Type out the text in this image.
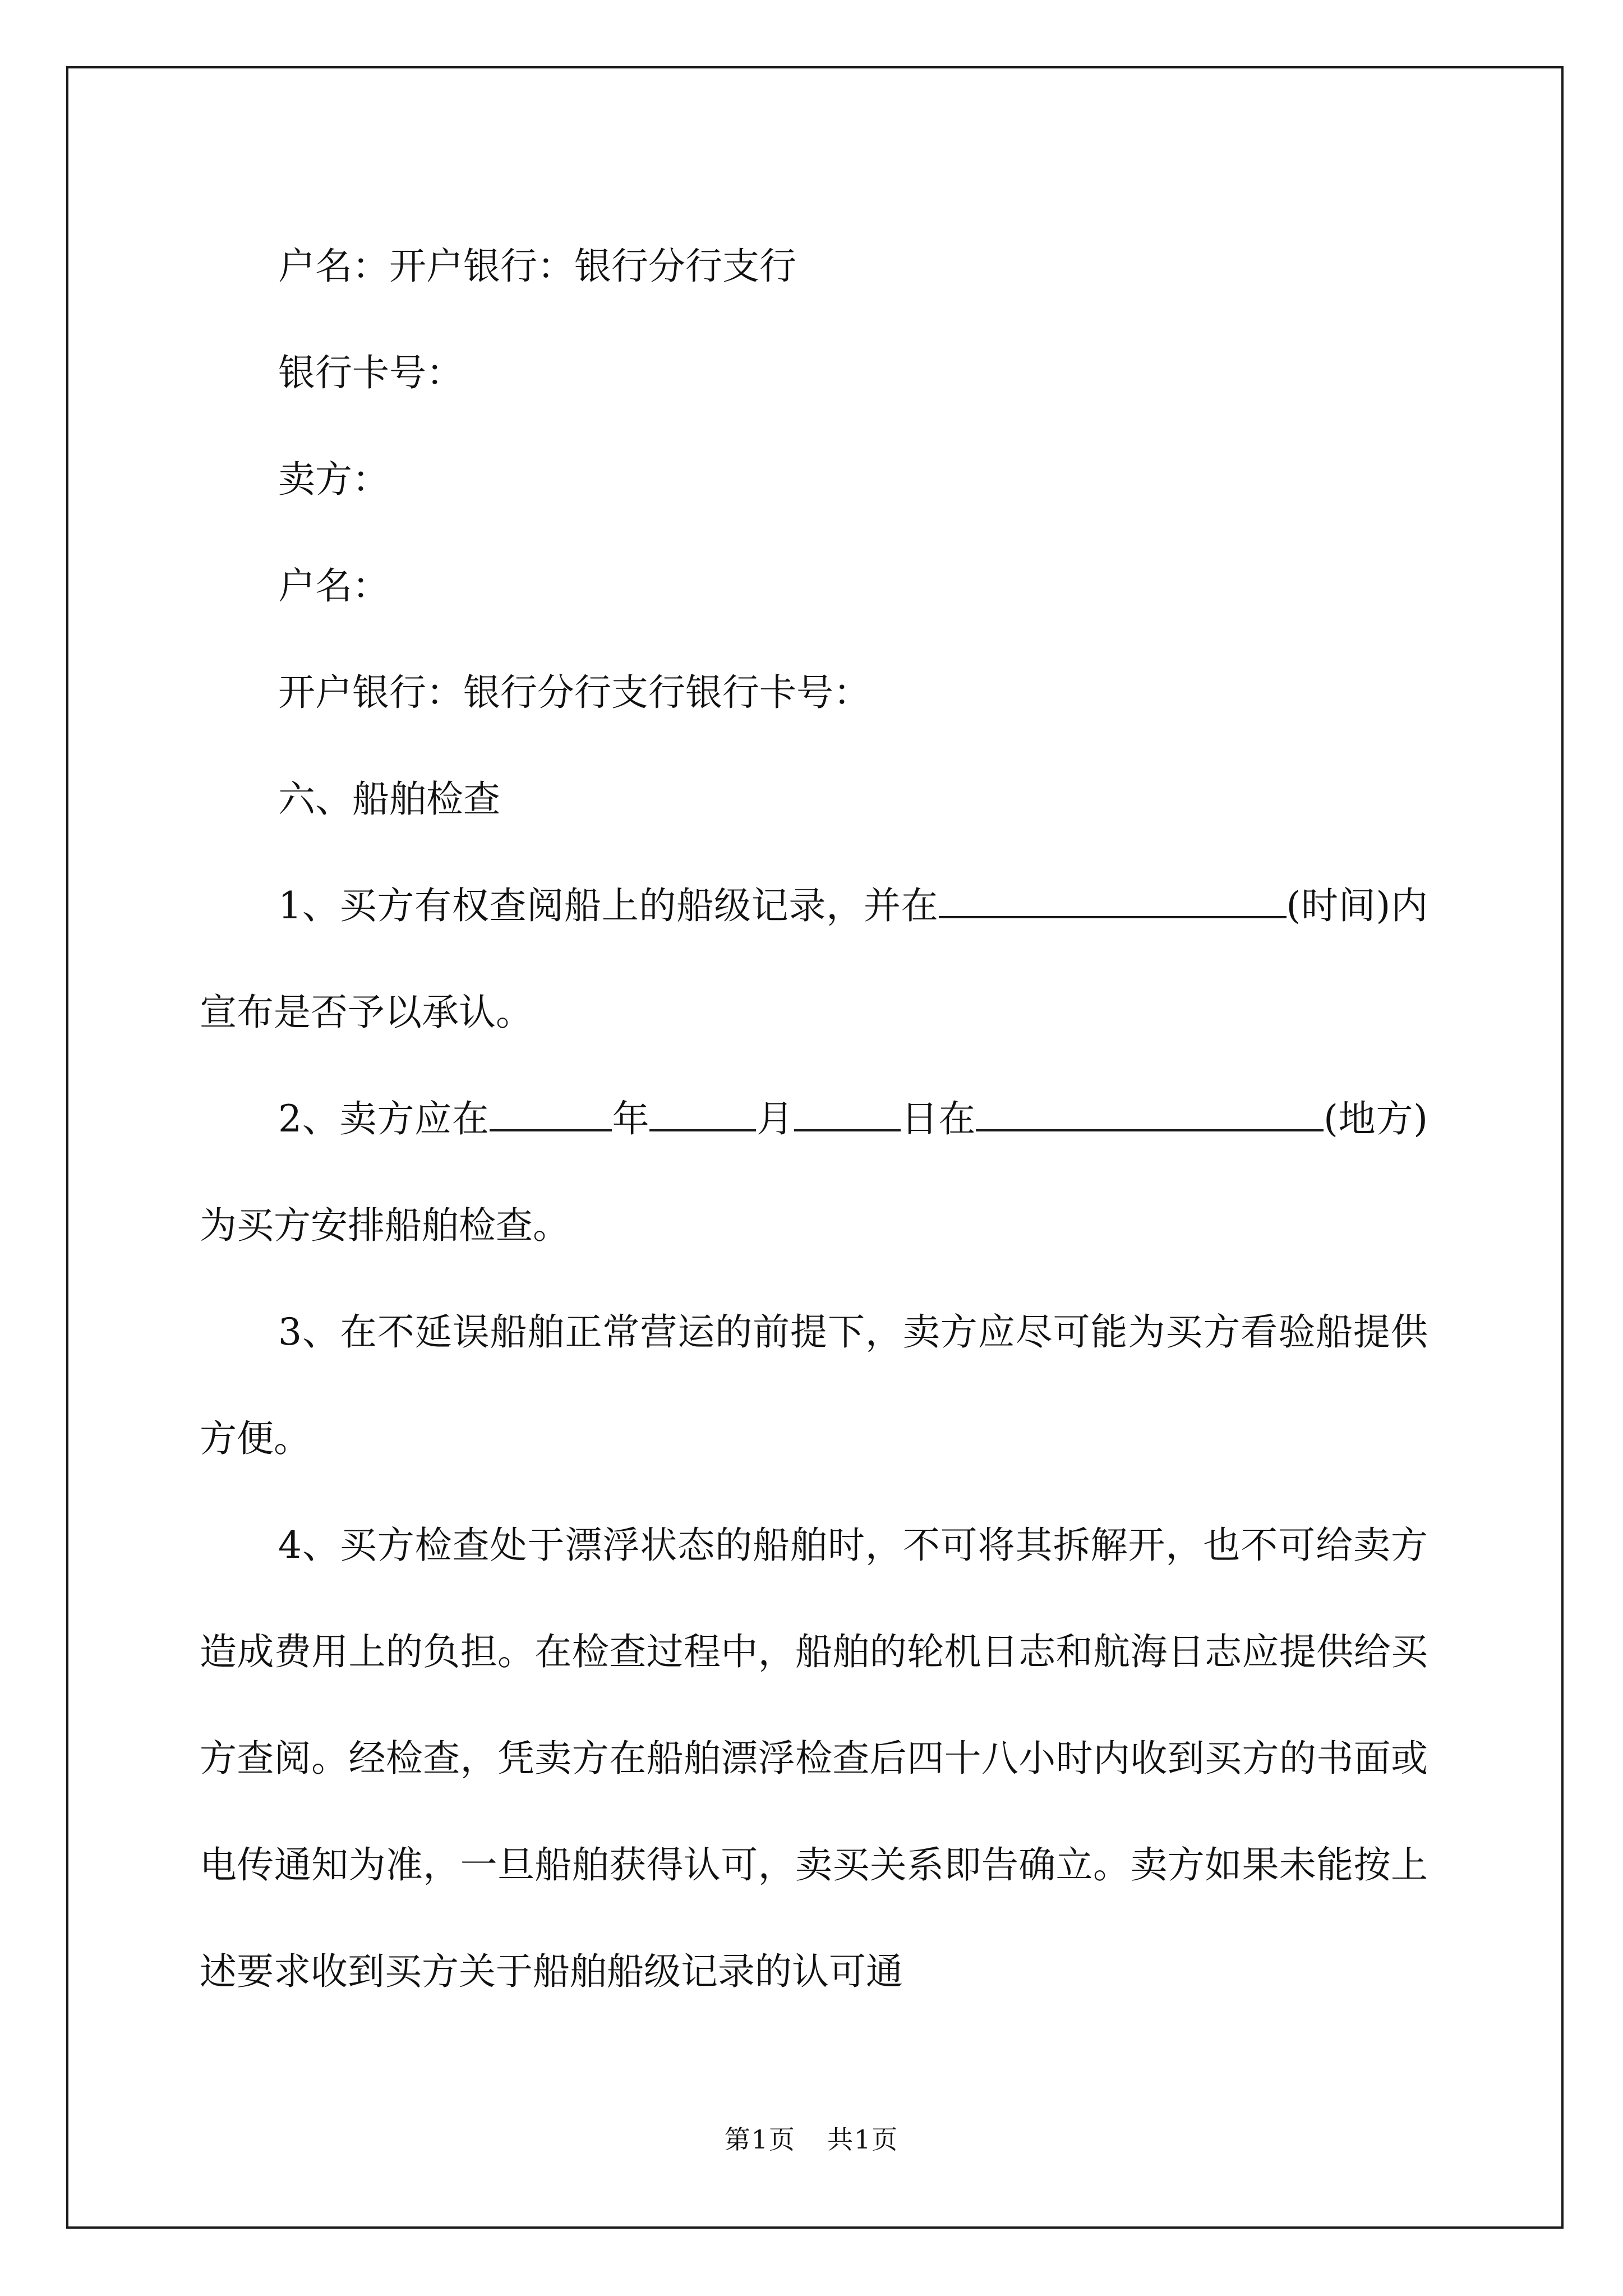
户名：开户银行：银行分行支行

银行卡号：

卖方：

户名：

开户银行：银行分行支行银行卡号：

六、船舶检查

1、买方有权查阅船上的船级记录，并在	(时间)内宣布是否予以承认。

2、卖方应在	年	月	日在	(地方)为买方安排船舶检查。

3、在不延误船舶正常营运的前提下，卖方应尽可能为买方看验船提供方便。

4、买方检查处于漂浮状态的船舶时，不可将其拆解开，也不可给卖方造成费用上的负担。在检查过程中，船舶的轮机日志和航海日志应提供给买方查阅。经检查，凭卖方在船舶漂浮检查后四十八小时内收到买方的书面或电传通知为准，一旦船舶获得认可，卖买关系即告确立。卖方如果未能按上述要求收到买方关于船舶船级记录的认可通

第1页 共1页
